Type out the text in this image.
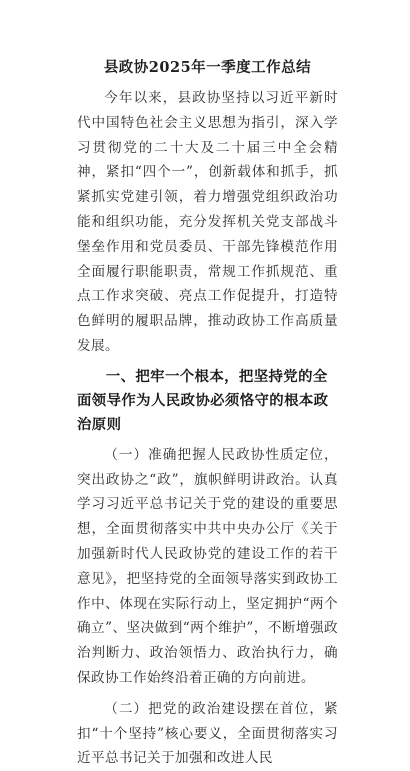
县政协2025年一季度工作总结

今年以来，县政协坚持以习近平新时代中国特色社会主义思想为指引，深入学习贯彻党的二十大及二十届三中全会精神，紧扣“四个一”，创新载体和抓手，抓紧抓实党建引领，着力增强党组织政治功能和组织功能，充分发挥机关党支部战斗堡垒作用和党员委员、干部先锋模范作用全面履行职能职责，常规工作抓规范、重点工作求突破、亮点工作促提升，打造特色鲜明的履职品牌，推动政协工作高质量发展。

一、把牢一个根本，把坚持党的全面领导作为人民政协必须恪守的根本政治原则

（一）准确把握人民政协性质定位，突出政协之“政”，旗帜鲜明讲政治。认真学习习近平总书记关于党的建设的重要思想，全面贯彻落实中共中央办公厅《关于加强新时代人民政协党的建设工作的若干意见》，把坚持党的全面领导落实到政协工作中、体现在实际行动上，坚定拥护“两个确立”、坚决做到“两个维护”，不断增强政治判断力、政治领悟力、政治执行力，确保政协工作始终沿着正确的方向前进。

（二）把党的政治建设摆在首位，紧扣“十个坚持”核心要义，全面贯彻落实习近平总书记关于加强和改进人民
